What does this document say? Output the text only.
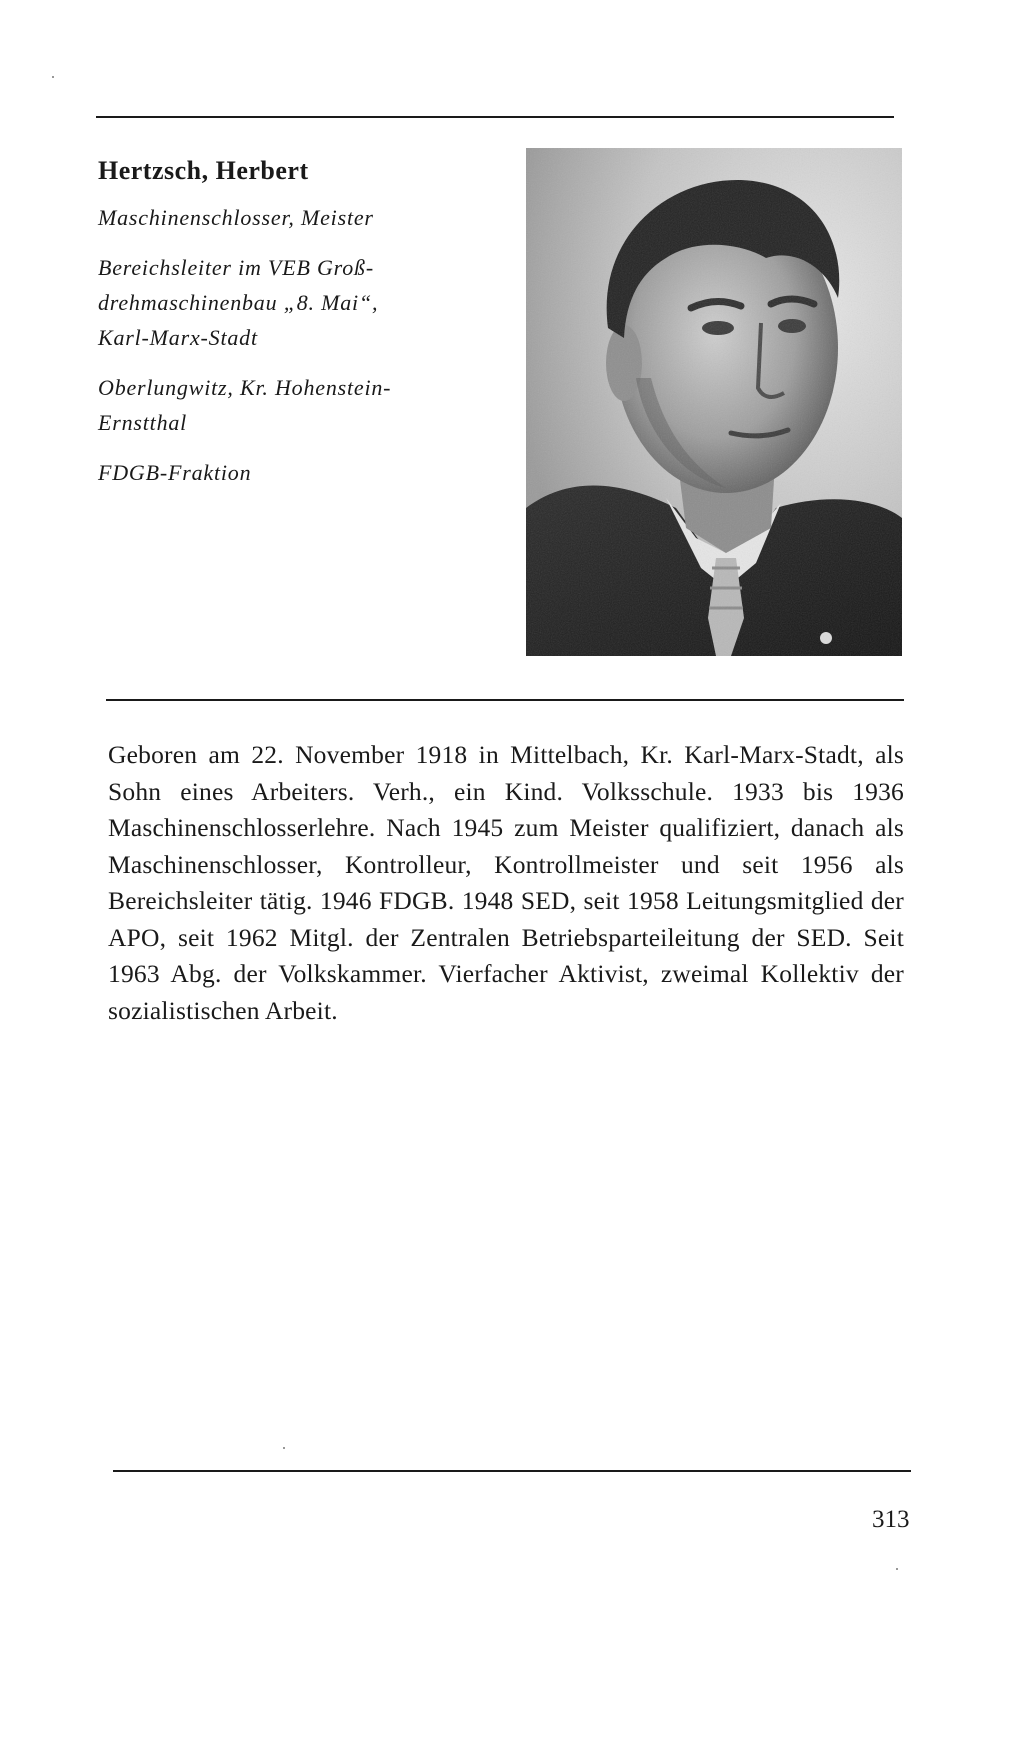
Hertzsch, Herbert
Maschinenschlosser, Meister
Bereichsleiter im VEB Groß-
drehmaschinenbau „8. Mai“,
Karl-Marx-Stadt
Oberlungwitz, Kr. Hohenstein-
Ernstthal
FDGB-Fraktion

Geboren am 22. November 1918 in Mittelbach, Kr. Karl-Marx-Stadt, als Sohn eines Arbeiters. Verh., ein Kind. Volksschule. 1933 bis 1936 Maschinenschlosserlehre. Nach 1945 zum Meister qualifiziert, danach als Maschinenschlosser, Kontrolleur, Kontrollmeister und seit 1956 als Bereichsleiter tätig. 1946 FDGB. 1948 SED, seit 1958 Leitungsmitglied der APO, seit 1962 Mitgl. der Zentralen Betriebsparteileitung der SED. Seit 1963 Abg. der Volkskammer. Vierfacher Aktivist, zweimal Kollektiv der sozialistischen Arbeit.

313
